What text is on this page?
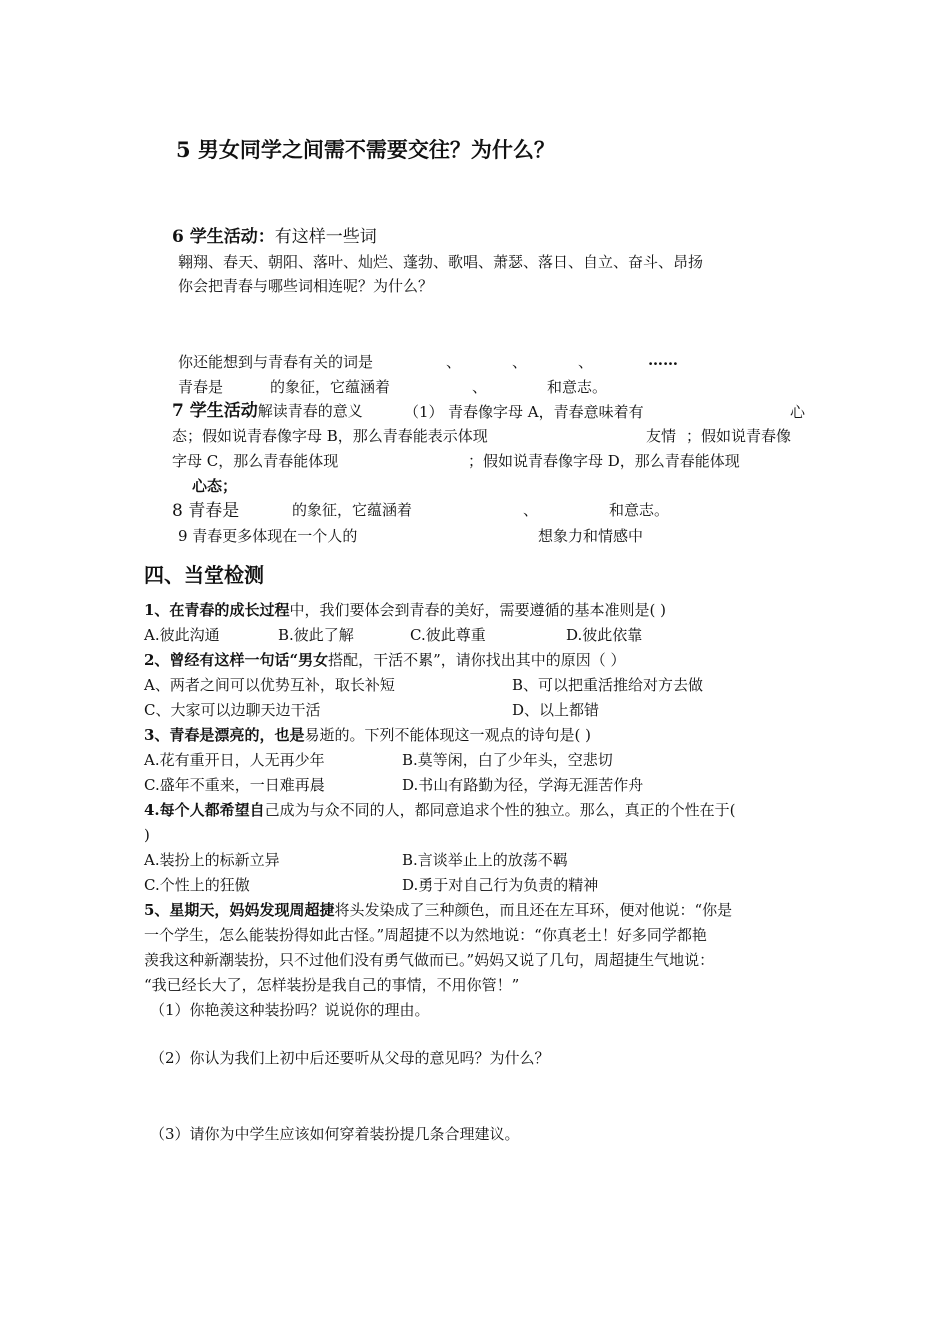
5 男女同学之间需不需要交往？为什么？
6 学生活动：有这样一些词
翱翔、春天、朝阳、落叶、灿烂、蓬勃、歌唱、萧瑟、落日、自立、奋斗、昂扬
你会把青春与哪些词相连呢？为什么？
你还能想到与青春有关的词是	、	、	、	……
青春是	的象征，它蕴涵着	、	和意志。
7 学生活动解读青春的意义	（1） 青春像字母 A，青春意味着有	心
态；假如说青春像字母 B，那么青春能表示体现	友情 ；假如说青春像
字母 C，那么青春能体现	；假如说青春像字母 D，那么青春能体现
心态；
8 青春是	的象征，它蕴涵着	、	和意志。
9 青春更多体现在一个人的	想象力和情感中
四、当堂检测
1、在青春的成长过程中，我们要体会到青春的美好，需要遵循的基本准则是( )
A.彼此沟通	B.彼此了解	C.彼此尊重	D.彼此依靠
2、曾经有这样一句话“男女搭配，干活不累”，请你找出其中的原因（ ）
A、两者之间可以优势互补，取长补短	B、可以把重活推给对方去做
C、大家可以边聊天边干活	D、以上都错
3、青春是漂亮的，也是易逝的。下列不能体现这一观点的诗句是( )
A.花有重开日，人无再少年	B.莫等闲，白了少年头，空悲切
C.盛年不重来，一日难再晨	D.书山有路勤为径，学海无涯苦作舟
4.每个人都希望自己成为与众不同的人，都同意追求个性的独立。那么，真正的个性在于(
)
A.装扮上的标新立异	B.言谈举止上的放荡不羁
C.个性上的狂傲	D.勇于对自己行为负责的精神
5、星期天，妈妈发现周超捷将头发染成了三种颜色，而且还在左耳环，便对他说：“你是
一个学生，怎么能装扮得如此古怪。”周超捷不以为然地说：“你真老土！好多同学都艳
羡我这种新潮装扮，只不过他们没有勇气做而已。”妈妈又说了几句，周超捷生气地说：
“我已经长大了，怎样装扮是我自己的事情，不用你管！”
（1）你艳羡这种装扮吗？说说你的理由。
（2）你认为我们上初中后还要听从父母的意见吗？为什么？
（3）请你为中学生应该如何穿着装扮提几条合理建议。
